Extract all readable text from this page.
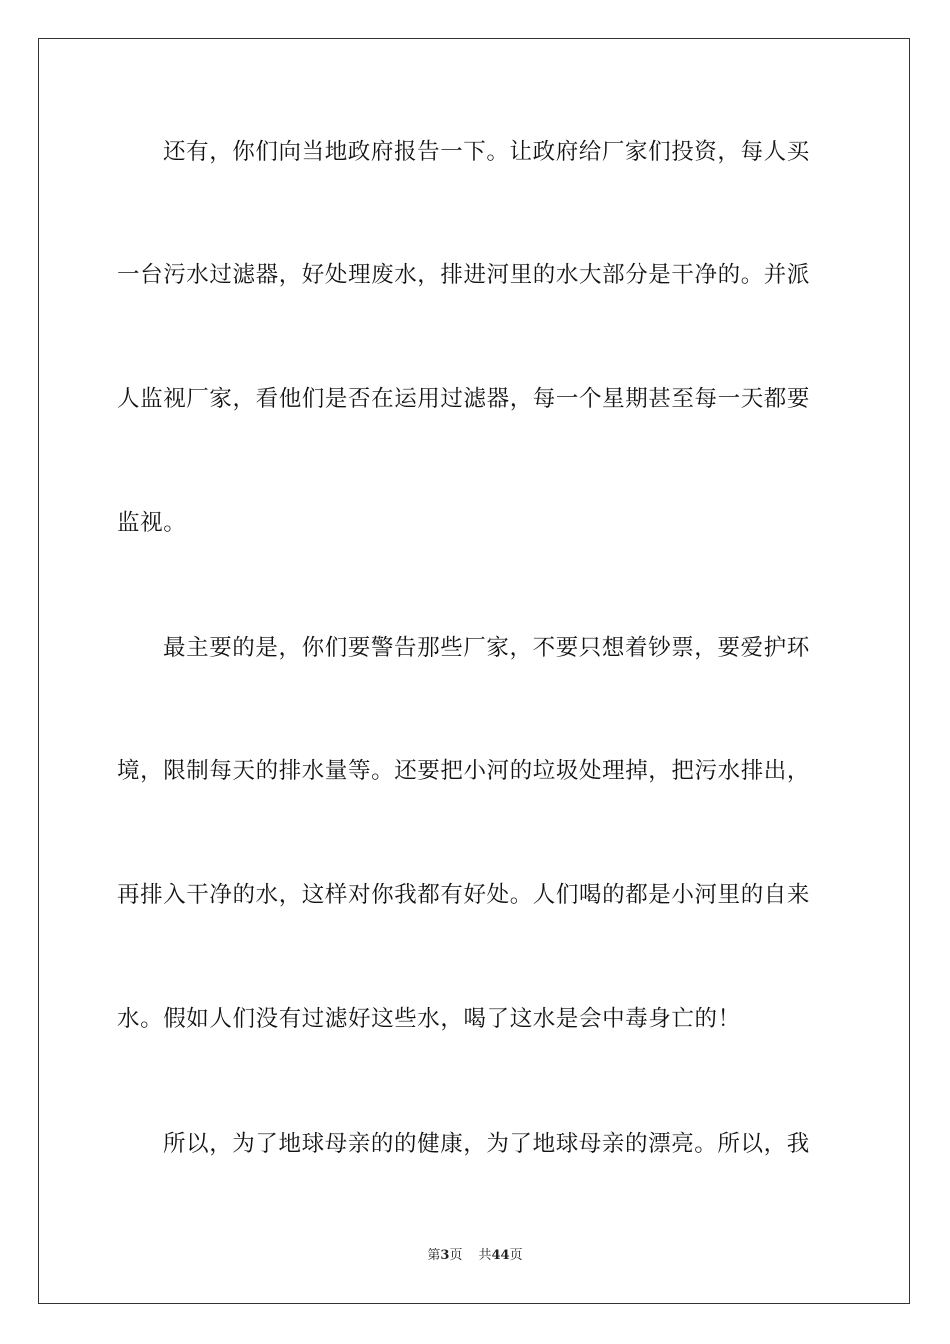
还有，你们向当地政府报告一下。让政府给厂家们投资，每人买
一台污水过滤器，好处理废水，排进河里的水大部分是干净的。并派
人监视厂家，看他们是否在运用过滤器，每一个星期甚至每一天都要
监视。
最主要的是，你们要警告那些厂家，不要只想着钞票，要爱护环
境，限制每天的排水量等。还要把小河的垃圾处理掉，把污水排出，
再排入干净的水，这样对你我都有好处。人们喝的都是小河里的自来
水。假如人们没有过滤好这些水，喝了这水是会中毒身亡的！
所以，为了地球母亲的的健康，为了地球母亲的漂亮。所以，我
第3页 共44页
